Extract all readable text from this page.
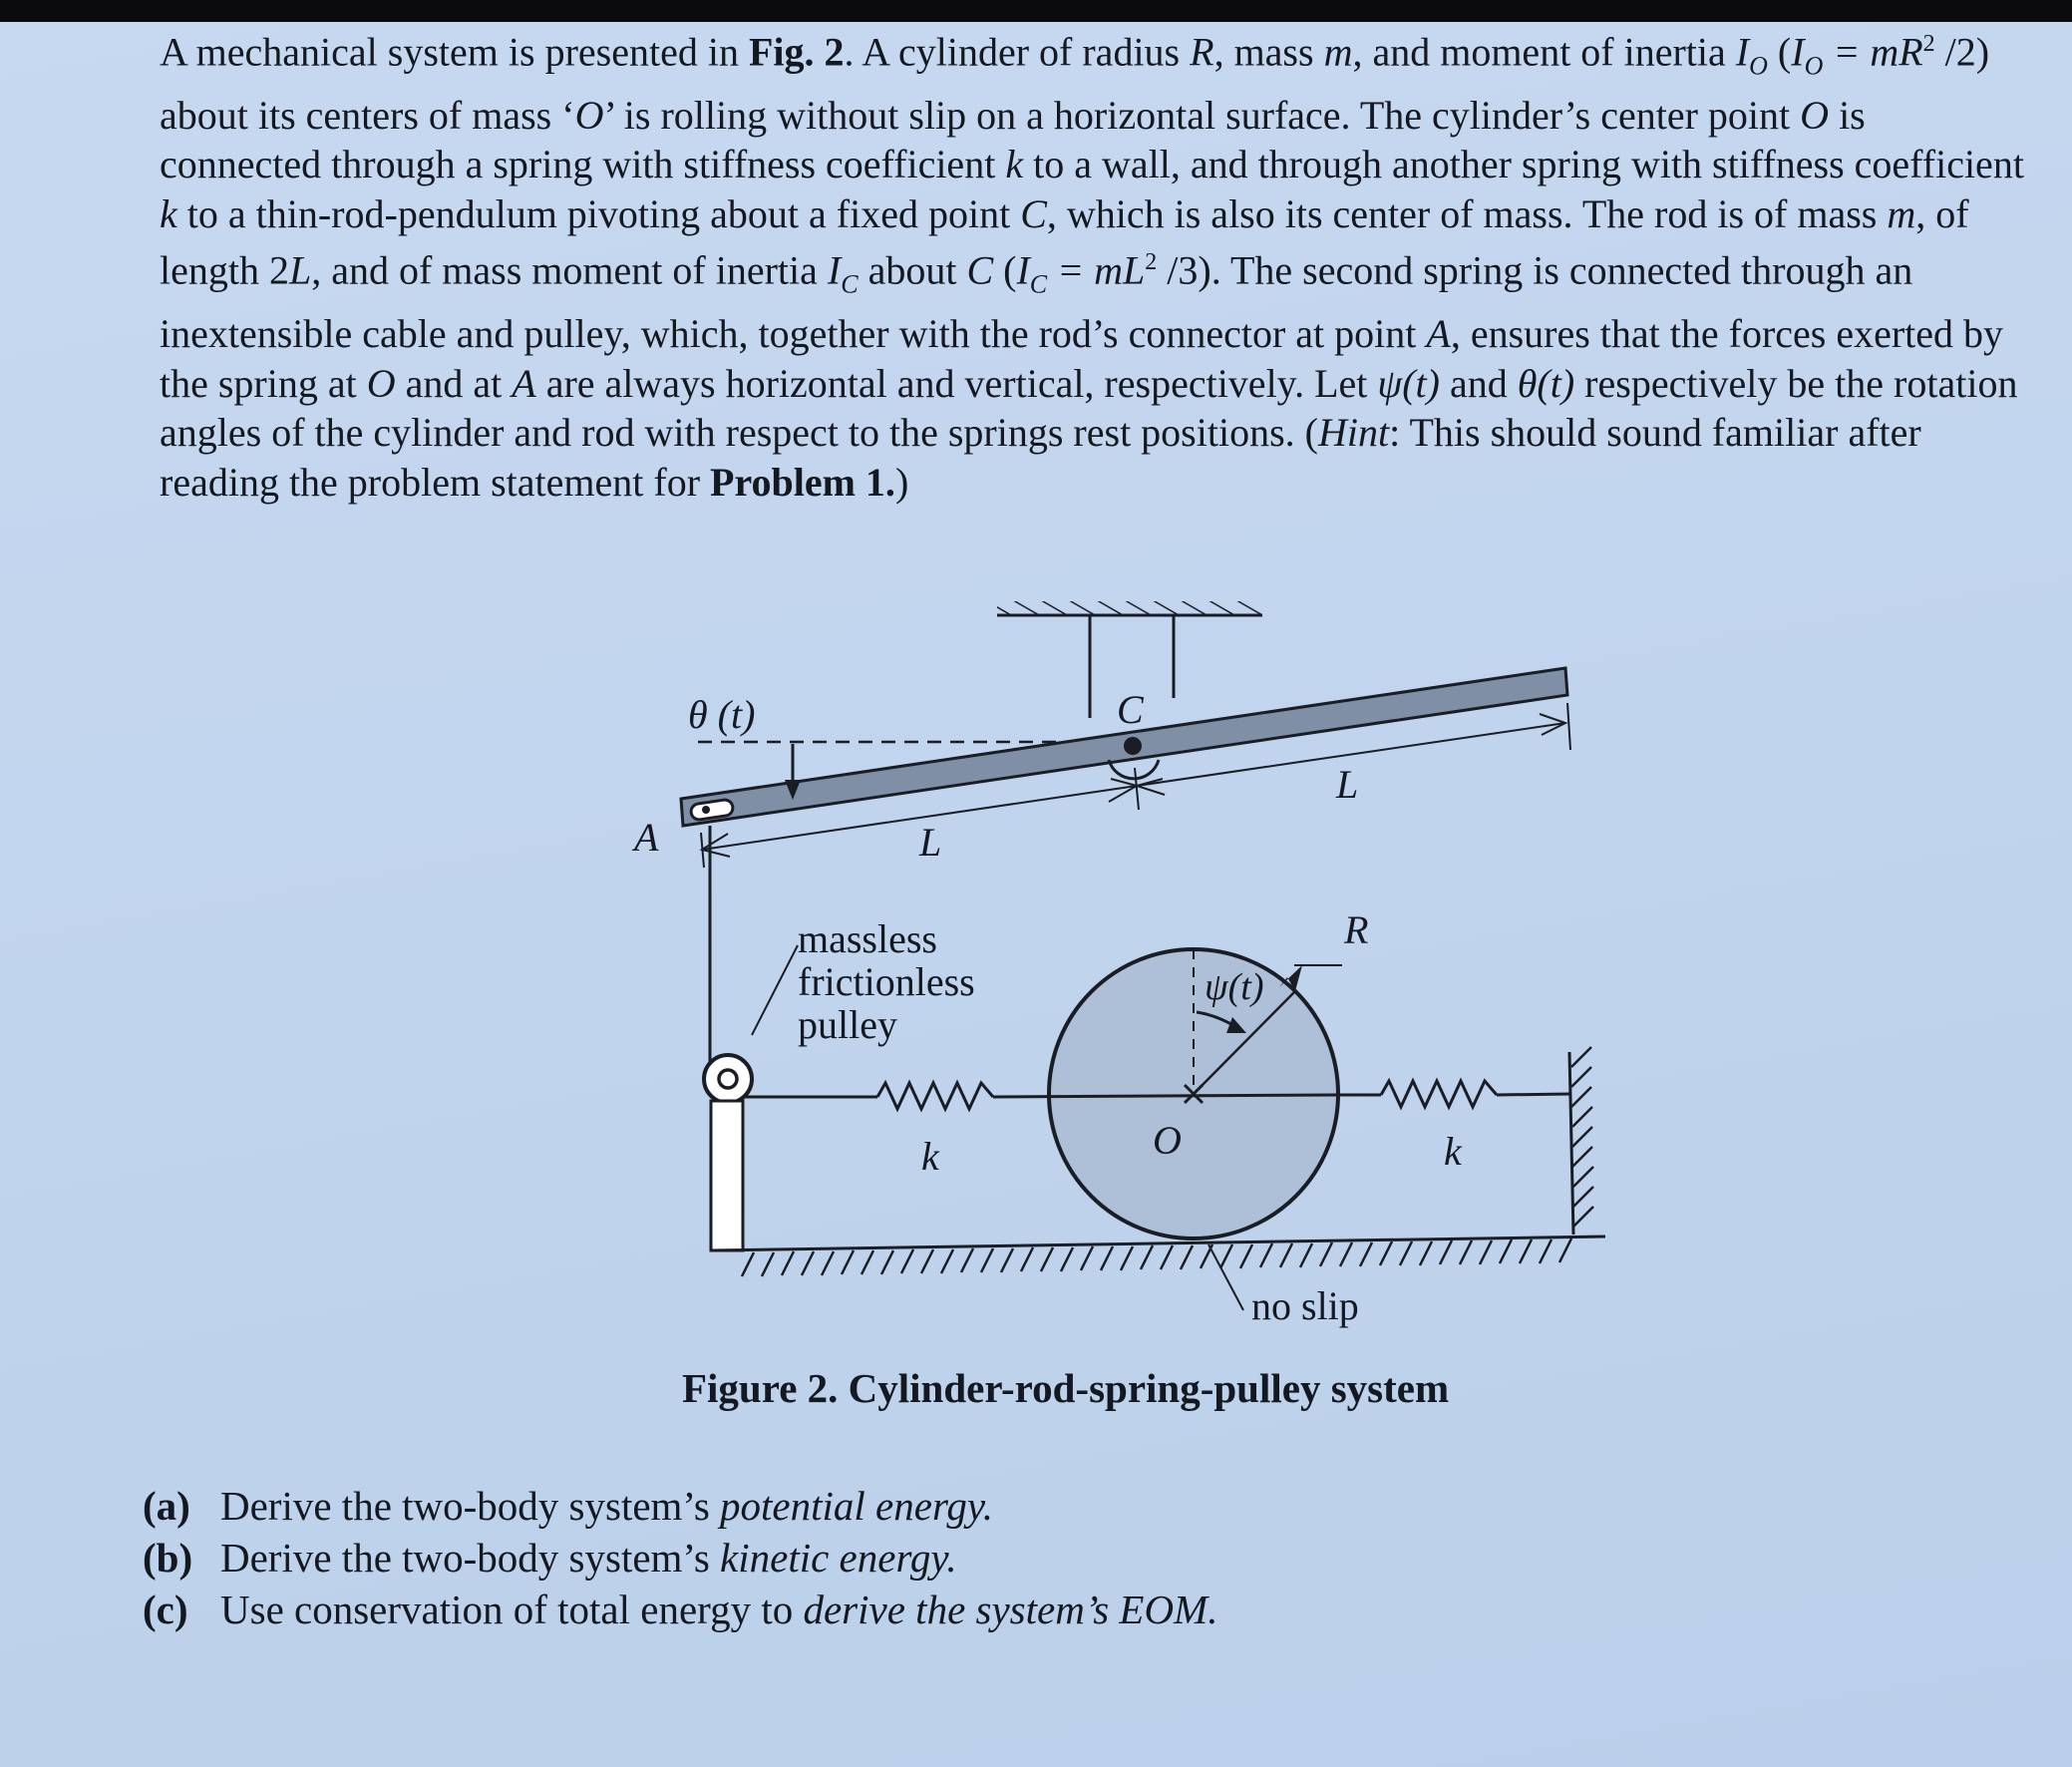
A mechanical system is presented in Fig. 2. A cylinder of radius R, mass m, and moment of inertia $I_O$ ($I_O = mR^2$ /2) about its centers of mass ‘O’ is rolling without slip on a horizontal surface. The cylinder’s center point O is connected through a spring with stiffness coefficient k to a wall, and through another spring with stiffness coefficient k to a thin-rod-pendulum pivoting about a fixed point C, which is also its center of mass. The rod is of mass m, of length 2L, and of mass moment of inertia $I_C$ about C ($I_C = mL^2$ /3). The second spring is connected through an inextensible cable and pulley, which, together with the rod’s connector at point A, ensures that the forces exerted by the spring at O and at A are always horizontal and vertical, respectively. Let ψ(t) and θ(t) respectively be the rotation angles of the cylinder and rod with respect to the springs rest positions. (Hint: This should sound familiar after reading the problem statement for Problem 1.)

θ (t)	C
A	L
L
R
ψ(t)
O
k	k
massless
frictionless
pulley
no slip

Figure 2. Cylinder-rod-spring-pulley system

(a) Derive the two-body system’s potential energy.
(b) Derive the two-body system’s kinetic energy.
(c) Use conservation of total energy to derive the system’s EOM.
